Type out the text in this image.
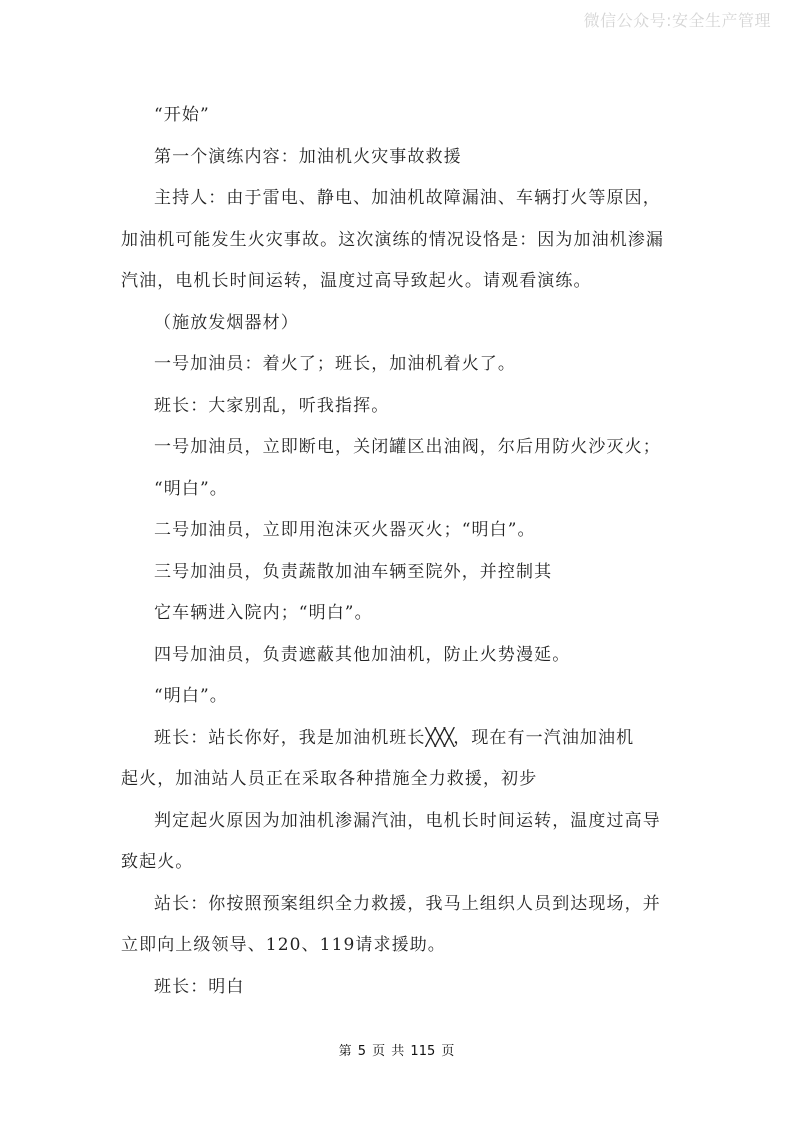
微信公众号:安全生产管理
“开始”
第一个演练内容：加油机火灾事故救援
主持人：由于雷电、静电、加油机故障漏油、车辆打火等原因，
加油机可能发生火灾事故。这次演练的情况设恪是：因为加油机渗漏
汽油，电机长时间运转，温度过高导致起火。请观看演练。
（施放发烟器材）
一号加油员：着火了；班长，加油机着火了。
班长：大家别乱，听我指挥。
一号加油员，立即断电，关闭罐区出油阀，尔后用防火沙灭火；
“明白”。
二号加油员，立即用泡沫灭火器灭火；“明白”。
三号加油员，负责蔬散加油车辆至院外，并控制其
它车辆进入院内；“明白”。
四号加油员，负责遮蔽其他加油机，防止火势漫延。
“明白”。
班长：站长你好，我是加油机班长╳╳╳，现在有一汽油加油机
起火，加油站人员正在采取各种措施全力救援，初步
判定起火原因为加油机渗漏汽油，电机长时间运转，温度过高导
致起火。
站长：你按照预案组织全力救援，我马上组织人员到达现场，并
立即向上级领导、120、119请求援助。
班长：明白
第 5 页 共 115 页
